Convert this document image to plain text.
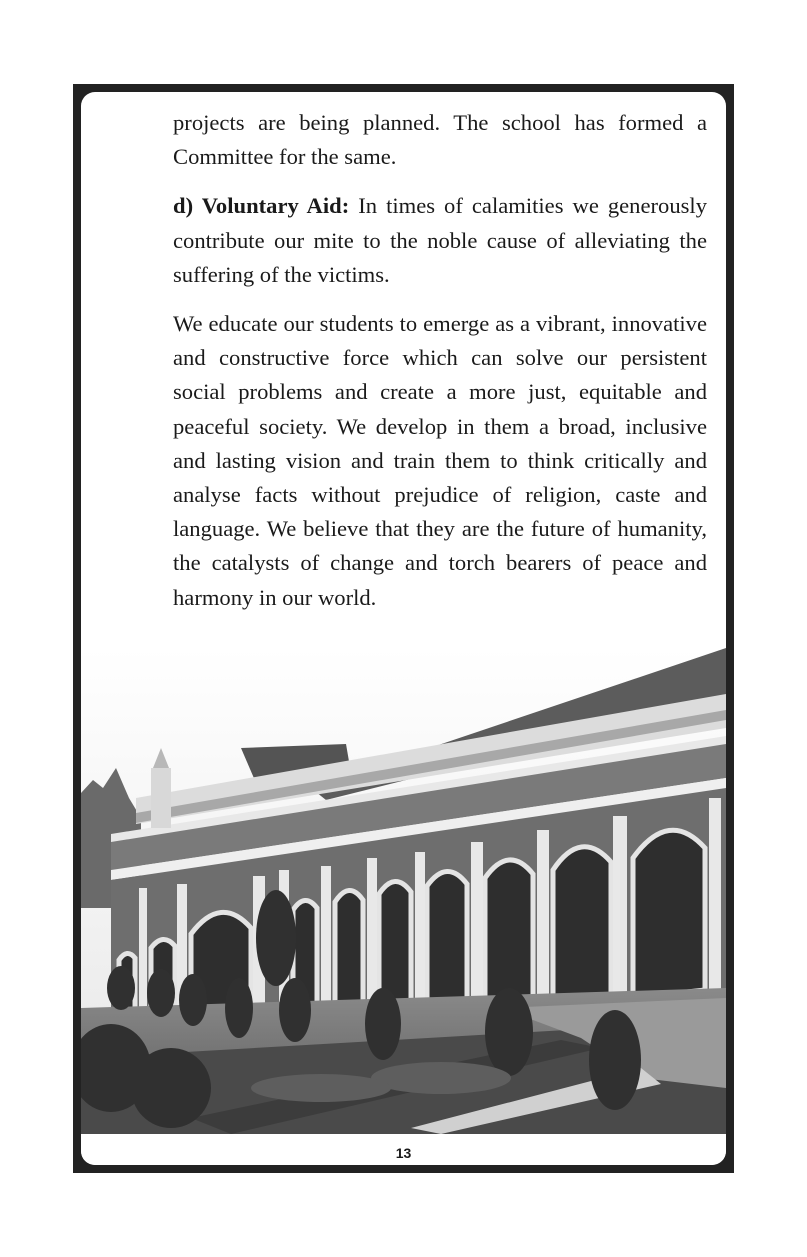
projects are being planned. The school has formed a Committee for the same.

d) Voluntary Aid: In times of calamities we generously contribute our mite to the noble cause of alleviating the suffering of the victims.

We educate our students to emerge as a vibrant, innovative and constructive force which can solve our persistent social problems and create a more just, equitable and peaceful society. We develop in them a broad, inclusive and lasting vision and train them to think critically and analyse facts without prejudice of religion, caste and language. We believe that they are the future of humanity, the catalysts of change and torch bearers of peace and harmony in our world.

13
